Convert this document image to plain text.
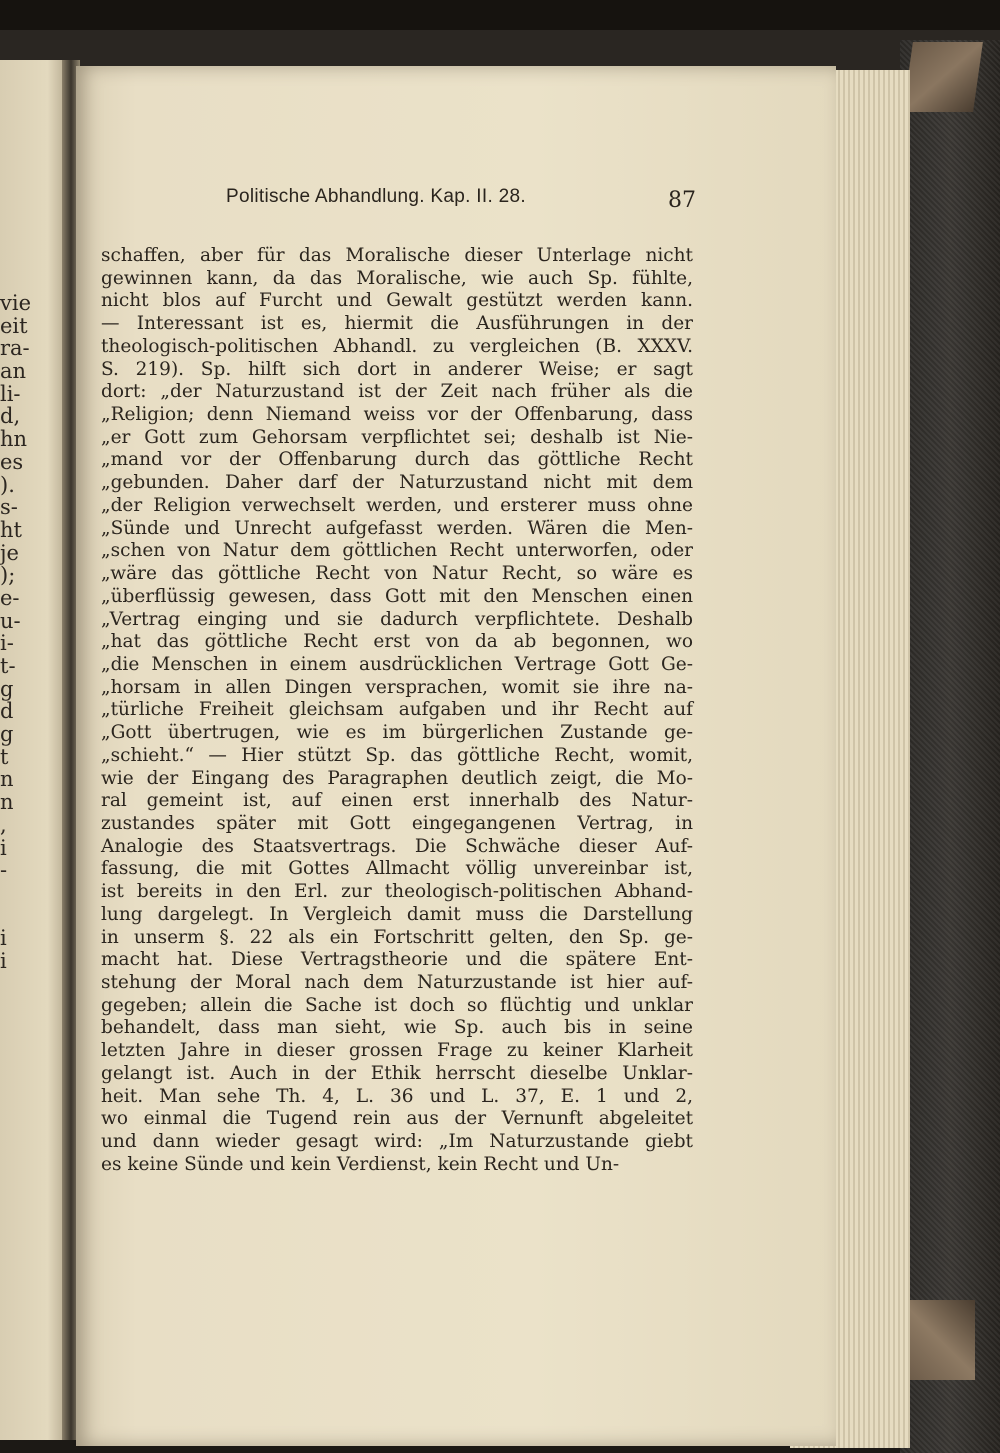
vie
eit
ra-
an
li-
d,
hn
es
).
s-
ht
je
);
e-
u-
i-
t-
g
d
g
t
n
n
,
i
-
i
i
Politische Abhandlung. Kap. II. 28.	87
schaffen, aber für das Moralische dieser Unterlage nicht
gewinnen kann, da das Moralische, wie auch Sp. fühlte,
nicht blos auf Furcht und Gewalt gestützt werden kann.
— Interessant ist es, hiermit die Ausführungen in der
theologisch-politischen Abhandl. zu vergleichen (B. XXXV.
S. 219). Sp. hilft sich dort in anderer Weise; er sagt
dort: „der Naturzustand ist der Zeit nach früher als die
„Religion; denn Niemand weiss vor der Offenbarung, dass
„er Gott zum Gehorsam verpflichtet sei; deshalb ist Nie-
„mand vor der Offenbarung durch das göttliche Recht
„gebunden. Daher darf der Naturzustand nicht mit dem
„der Religion verwechselt werden, und ersterer muss ohne
„Sünde und Unrecht aufgefasst werden. Wären die Men-
„schen von Natur dem göttlichen Recht unterworfen, oder
„wäre das göttliche Recht von Natur Recht, so wäre es
„überflüssig gewesen, dass Gott mit den Menschen einen
„Vertrag einging und sie dadurch verpflichtete. Deshalb
„hat das göttliche Recht erst von da ab begonnen, wo
„die Menschen in einem ausdrücklichen Vertrage Gott Ge-
„horsam in allen Dingen versprachen, womit sie ihre na-
„türliche Freiheit gleichsam aufgaben und ihr Recht auf
„Gott übertrugen, wie es im bürgerlichen Zustande ge-
„schieht.“ — Hier stützt Sp. das göttliche Recht, womit,
wie der Eingang des Paragraphen deutlich zeigt, die Mo-
ral gemeint ist, auf einen erst innerhalb des Natur-
zustandes später mit Gott eingegangenen Vertrag, in
Analogie des Staatsvertrags. Die Schwäche dieser Auf-
fassung, die mit Gottes Allmacht völlig unvereinbar ist,
ist bereits in den Erl. zur theologisch-politischen Abhand-
lung dargelegt. In Vergleich damit muss die Darstellung
in unserm §. 22 als ein Fortschritt gelten, den Sp. ge-
macht hat. Diese Vertragstheorie und die spätere Ent-
stehung der Moral nach dem Naturzustande ist hier auf-
gegeben; allein die Sache ist doch so flüchtig und unklar
behandelt, dass man sieht, wie Sp. auch bis in seine
letzten Jahre in dieser grossen Frage zu keiner Klarheit
gelangt ist. Auch in der Ethik herrscht dieselbe Unklar-
heit. Man sehe Th. 4, L. 36 und L. 37, E. 1 und 2,
wo einmal die Tugend rein aus der Vernunft abgeleitet
und dann wieder gesagt wird: „Im Naturzustande giebt
es keine Sünde und kein Verdienst, kein Recht und Un-
